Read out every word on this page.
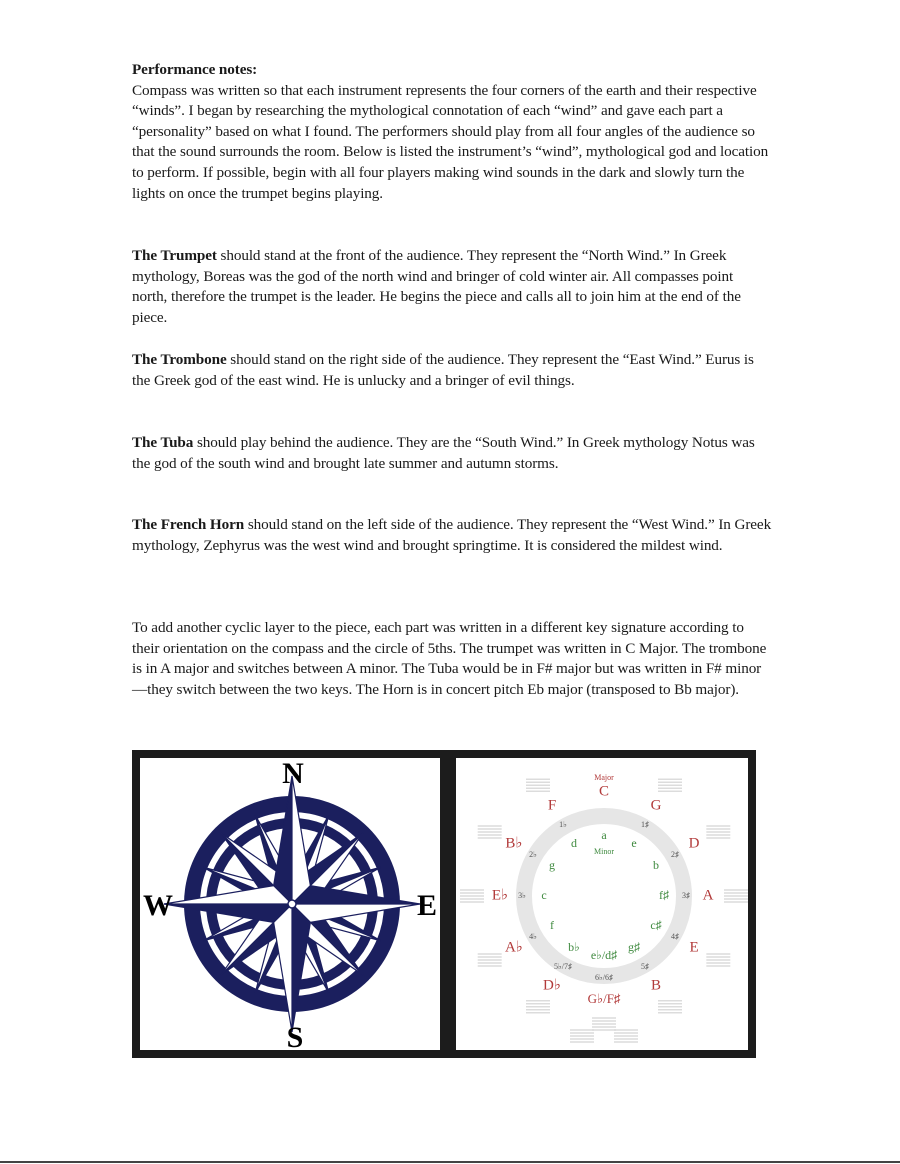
Performance notes:
Compass was written so that each instrument represents the four corners of the earth and their respective “winds”. I began by researching the mythological connotation of each “wind” and gave each part a “personality” based on what I found. The performers should play from all four angles of the audience so that the sound surrounds the room. Below is listed the instrument’s “wind”, mythological god and location to perform. If possible, begin with all four players making wind sounds in the dark and slowly turn the lights on once the trumpet begins playing.

The Trumpet should stand at the front of the audience. They represent the “North Wind.” In Greek mythology, Boreas was the god of the north wind and bringer of cold winter air. All compasses point north, therefore the trumpet is the leader. He begins the piece and calls all to join him at the end of the piece.

The Trombone should stand on the right side of the audience. They represent the “East Wind.” Eurus is the Greek god of the east wind. He is unlucky and a bringer of evil things.

The Tuba should play behind the audience. They are the “South Wind.” In Greek mythology Notus was the god of the south wind and brought late summer and autumn storms.

The French Horn should stand on the left side of the audience. They represent the “West Wind.” In Greek mythology, Zephyrus was the west wind and brought springtime. It is considered the mildest wind.

To add another cyclic layer to the piece, each part was written in a different key signature according to their orientation on the compass and the circle of 5ths. The trumpet was written in C Major. The trombone is in A major and switches between A minor. The Tuba would be in F# major but was written in F# minor—they switch between the two keys. The Horn is in concert pitch Eb major (transposed to Bb major).

N
S
W	E
Major
Minor
C
a
G
e
1♯
D
b
2♯
A
f♯ 3♯
E
c♯
4♯
B
g♯
5♯
G♭/F♯
e♭/d♯
6♭/6♯
D♭
b♭
5♭/7♯
A♭
f
4♭
E♭	c
3♭
B♭
g
2♭
F
d
1♭
